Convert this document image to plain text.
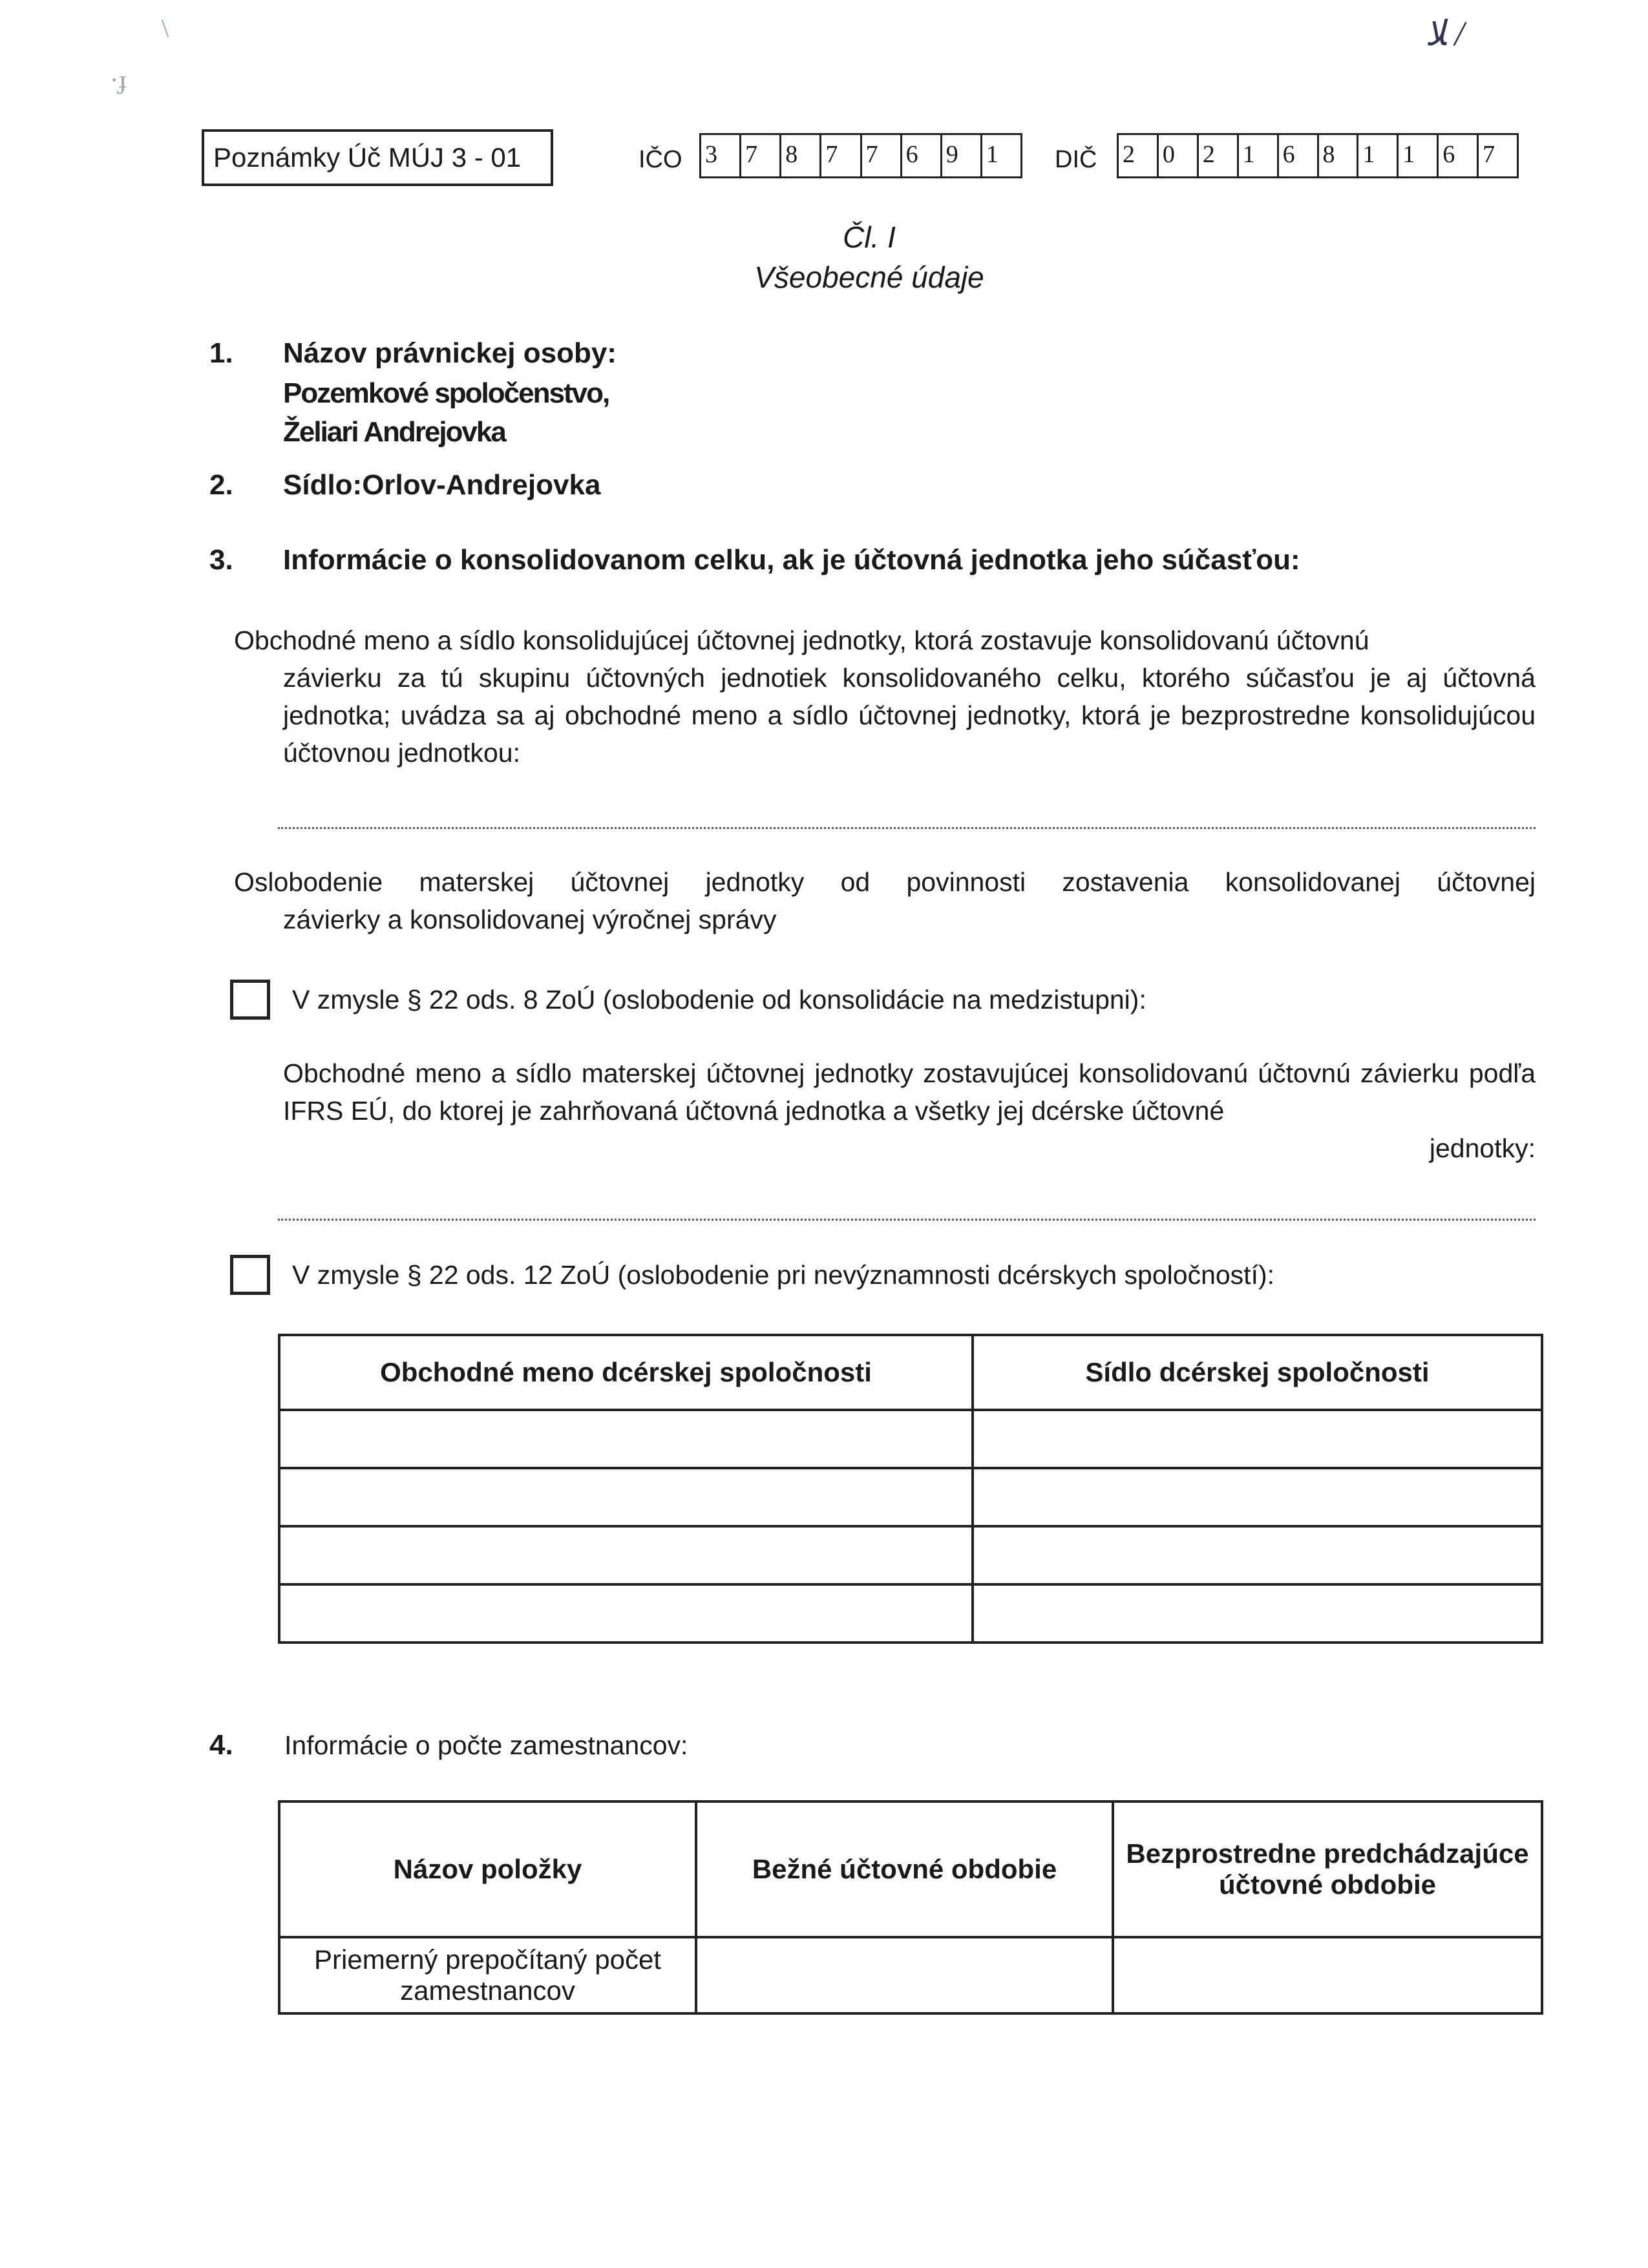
\
·ɟ
ﻼ /
Poznámky Úč MÚJ 3 - 01	IČO 3	7	8	7	7	6	9	1	DIČ 2	0	2	1	6	8	1	1	6	7
Čl. I
Všeobecné údaje
1. Názov právnickej osoby:
Pozemkové spoločenstvo,
Želiari Andrejovka
2. Sídlo:Orlov-Andrejovka
3. Informácie o konsolidovanom celku, ak je účtovná jednotka jeho súčasťou:
Obchodné meno a sídlo konsolidujúcej účtovnej jednotky, ktorá zostavuje konsolidovanú účtovnú
závierku za tú skupinu účtovných jednotiek konsolidovaného celku, ktorého súčasťou je aj účtovná jednotka; uvádza sa aj obchodné meno a sídlo účtovnej jednotky, ktorá je bezprostredne konsolidujúcou účtovnou jednotkou:
Oslobodenie materskej účtovnej jednotky od povinnosti zostavenia konsolidovanej účtovnej
závierky a konsolidovanej výročnej správy
V zmysle § 22 ods. 8 ZoÚ (oslobodenie od konsolidácie na medzistupni):
Obchodné meno a sídlo materskej účtovnej jednotky zostavujúcej konsolidovanú účtovnú závierku podľa IFRS EÚ, do ktorej je zahrňovaná účtovná jednotka a všetky jej dcérske účtovné
jednotky:
V zmysle § 22 ods. 12 ZoÚ (oslobodenie pri nevýznamnosti dcérskych spoločností):
Obchodné meno dcérskej spoločnosti	Sídlo dcérskej spoločnosti

4. Informácie o počte zamestnancov:
Názov položky	Bežné účtovné obdobie	Bezprostredne predchádzajúce účtovné obdobie
Priemerný prepočítaný počet zamestnancov		
